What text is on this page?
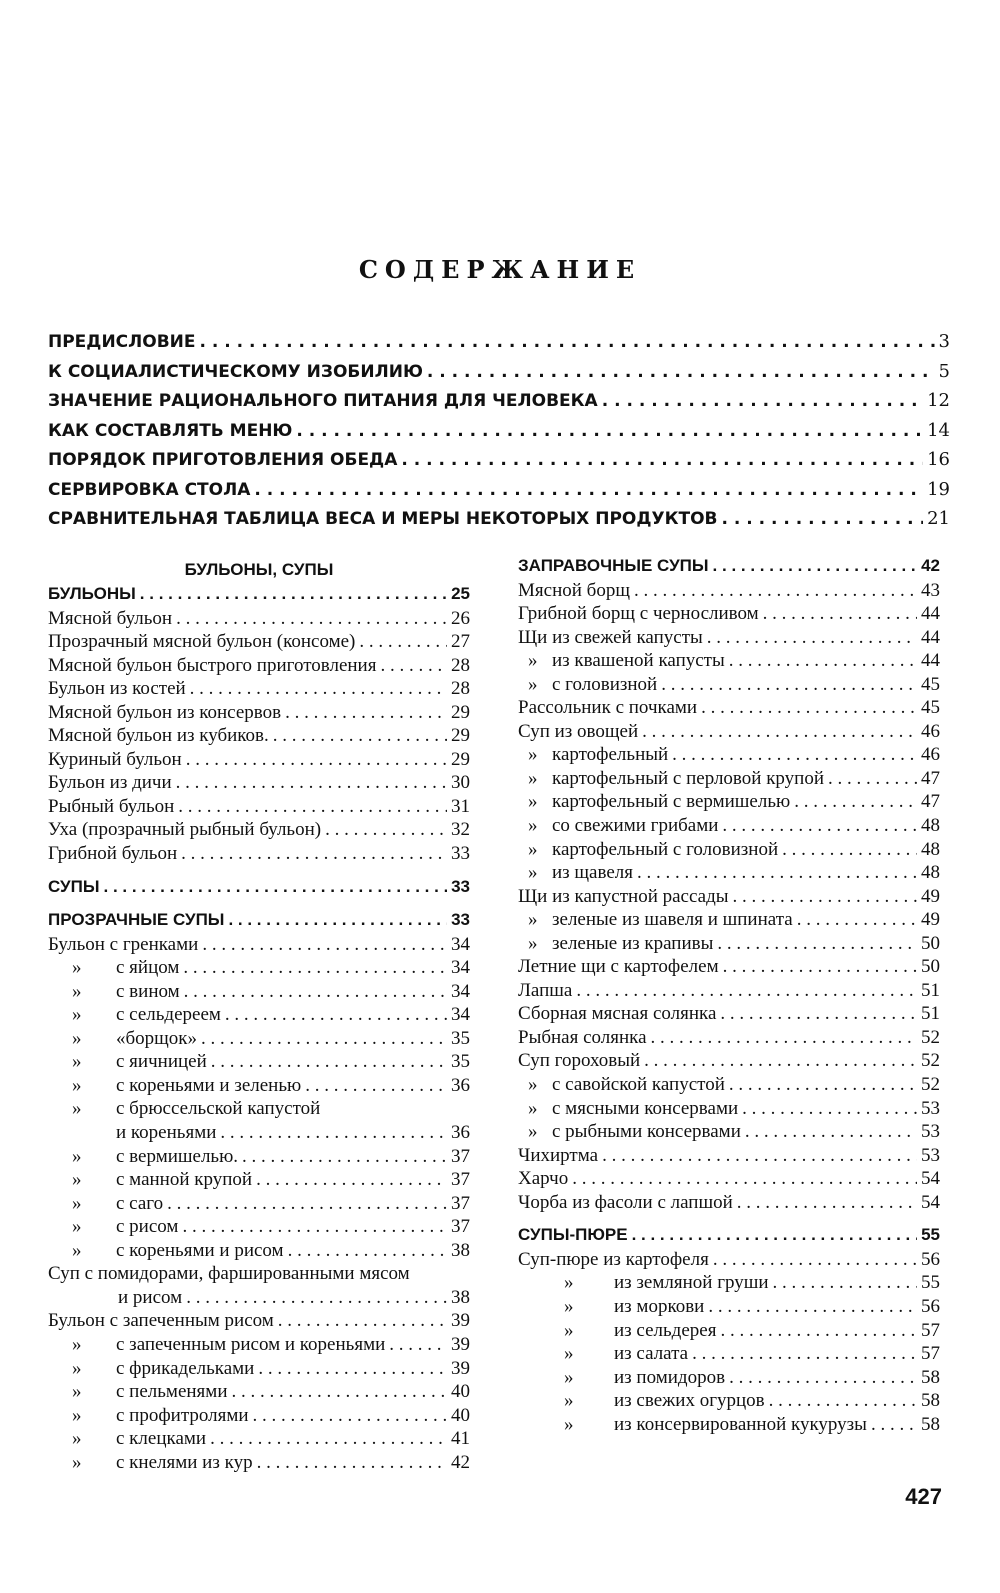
СОДЕРЖАНИЕ
ПРЕДИСЛОВИЕ . . .	3
К СОЦИАЛИСТИЧЕСКОМУ ИЗОБИЛИЮ . . .	5
ЗНАЧЕНИЕ РАЦИОНАЛЬНОГО ПИТАНИЯ ДЛЯ ЧЕЛОВЕКА . . .	12
КАК СОСТАВЛЯТЬ МЕНЮ . . .	14
ПОРЯДОК ПРИГОТОВЛЕНИЯ ОБЕДА . . .	16
СЕРВИРОВКА СТОЛА . . .	19
СРАВНИТЕЛЬНАЯ ТАБЛИЦА ВЕСА И МЕРЫ НЕКОТОРЫХ ПРОДУКТОВ . . .	21
БУЛЬОНЫ, СУПЫ
БУЛЬОНЫ . . .	25
Мясной бульон . . .	26
Прозрачный мясной бульон (консоме) . . .	27
Мясной бульон быстрого приготовления . . .	28
Бульон из костей . . .	28
Мясной бульон из консервов . . .	29
Мясной бульон из кубиков. . . .	29
Куриный бульон . . .	29
Бульон из дичи . . .	30
Рыбный бульон . . .	31
Уха (прозрачный рыбный бульон) . . .	32
Грибной бульон . . .	33
СУПЫ . . .	33
ПРОЗРАЧНЫЕ СУПЫ . . .	33
Бульон с гренками . . .	34
»	с яйцом . . .	34
»	с вином . . .	34
»	с сельдереем . . .	34
»	«борщок» . . .	35
»	с яичницей . . .	35
»	с кореньями и зеленью . . .	36
»	с брюссельской капустой
и кореньями . . .	36
»	с вермишелью. . . .	37
»	с манной крупой . . .	37
»	с саго . . .	37
»	с рисом . . .	37
»	с кореньями и рисом . . .	38
Суп с помидорами, фаршированными мясом
и рисом . . .	38
Бульон с запеченным рисом . . .	39
»	с запеченным рисом и кореньями . . .	39
»	с фрикадельками . . .	39
»	с пельменями . . .	40
»	с профитролями . . .	40
»	с клецками . . .	41
»	с кнелями из кур . . .	42
ЗАПРАВОЧНЫЕ СУПЫ . . .	42
Мясной борщ . . .	43
Грибной борщ с черносливом . . .	44
Щи из свежей капусты . . .	44
» из квашеной капусты . . .	44
» с головизной . . .	45
Рассольник с почками . . .	45
Суп из овощей . . .	46
» картофельный . . .	46
» картофельный с перловой крупой . . .	47
» картофельный с вермишелью . . .	47
» со свежими грибами . . .	48
» картофельный с головизной . . .	48
» из щавеля . . .	48
Щи из капустной рассады . . .	49
» зеленые из шавеля и шпината . . .	49
» зеленые из крапивы . . .	50
Летние щи с картофелем . . .	50
Лапша . . .	51
Сборная мясная солянка . . .	51
Рыбная солянка . . .	52
Суп гороховый . . .	52
» с савойской капустой . . .	52
» с мясными консервами . . .	53
» с рыбными консервами . . .	53
Чихиртма . . .	53
Харчо . . .	54
Чорба из фасоли с лапшой . . .	54
СУПЫ-ПЮРЕ . . .	55
Суп-пюре из картофеля . . .	56
»	из земляной груши . . .	55
»	из моркови . . .	56
»	из сельдерея . . .	57
»	из салата . . .	57
»	из помидоров . . .	58
»	из свежих огурцов . . .	58
»	из консервированной кукурузы . . .	58
427
